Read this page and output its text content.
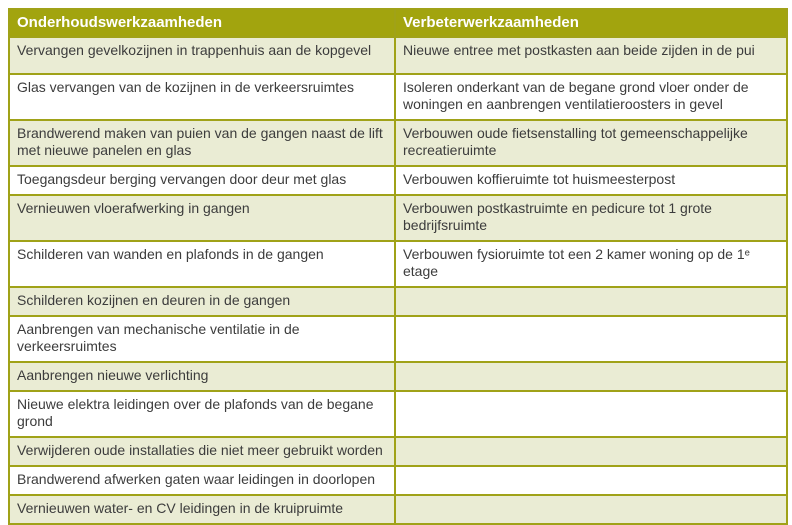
Onderhoudswerkzaamheden	Verbeterwerkzaamheden
Vervangen gevelkozijnen in trappenhuis aan de kopgevel	Nieuwe entree met postkasten aan beide zijden in de pui
Glas vervangen van de kozijnen in de verkeersruimtes	Isoleren onderkant van de begane grond vloer onder de woningen en aanbrengen ventilatieroosters in gevel
Brandwerend maken van puien van de gangen naast de lift met nieuwe panelen en glas	Verbouwen oude fietsenstalling tot gemeenschappelijke recreatieruimte
Toegangsdeur berging vervangen door deur met glas	Verbouwen koffieruimte tot huismeesterpost
Vernieuwen vloerafwerking in gangen	Verbouwen postkastruimte en pedicure tot 1 grote bedrijfsruimte
Schilderen van wanden en plafonds in de gangen	Verbouwen fysioruimte tot een 2 kamer woning op de 1ᵉ etage
Schilderen kozijnen en deuren in de gangen	
Aanbrengen van mechanische ventilatie in de verkeersruimtes	
Aanbrengen nieuwe verlichting	
Nieuwe elektra leidingen over de plafonds van de begane grond	
Verwijderen oude installaties die niet meer gebruikt worden	
Brandwerend afwerken gaten waar leidingen in doorlopen	
Vernieuwen water- en CV leidingen in de kruipruimte	
